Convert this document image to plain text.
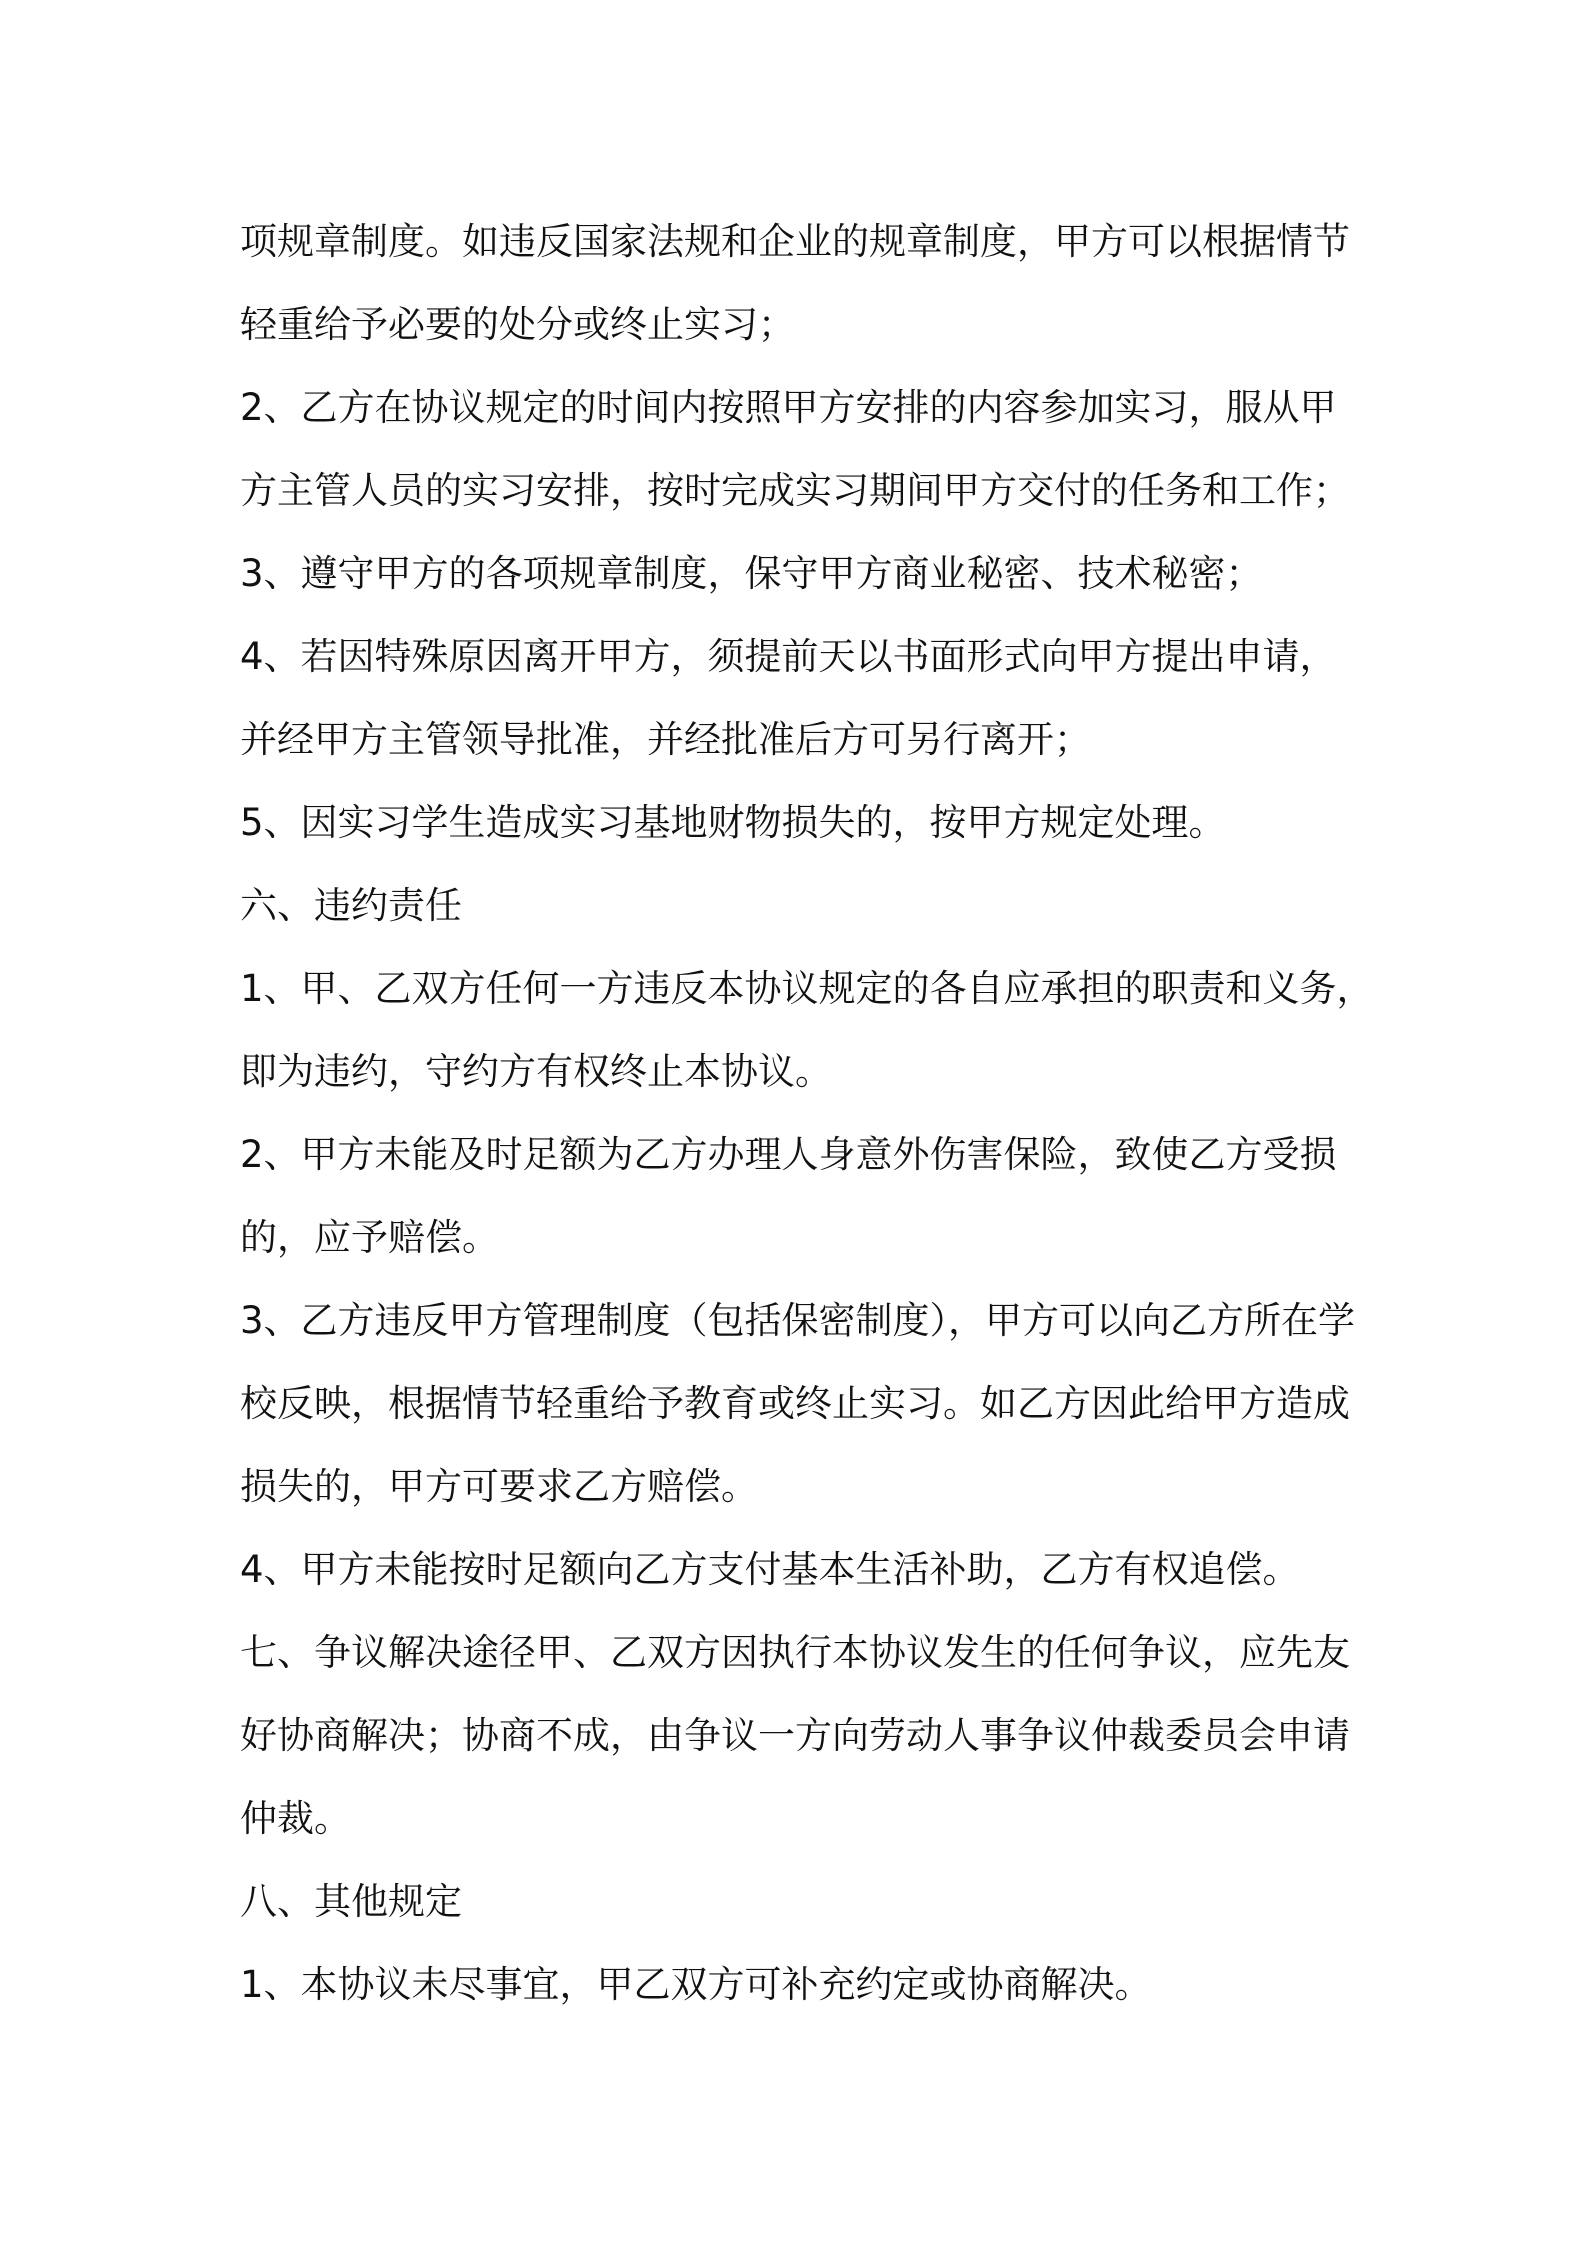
项规章制度。如违反国家法规和企业的规章制度，甲方可以根据情节
轻重给予必要的处分或终止实习；
2、乙方在协议规定的时间内按照甲方安排的内容参加实习，服从甲
方主管人员的实习安排，按时完成实习期间甲方交付的任务和工作；
3、遵守甲方的各项规章制度，保守甲方商业秘密、技术秘密；
4、若因特殊原因离开甲方，须提前天以书面形式向甲方提出申请，
并经甲方主管领导批准，并经批准后方可另行离开；
5、因实习学生造成实习基地财物损失的，按甲方规定处理。
六、违约责任
1、甲、乙双方任何一方违反本协议规定的各自应承担的职责和义务，
即为违约，守约方有权终止本协议。
2、甲方未能及时足额为乙方办理人身意外伤害保险，致使乙方受损
的，应予赔偿。
3、乙方违反甲方管理制度（包括保密制度），甲方可以向乙方所在学
校反映，根据情节轻重给予教育或终止实习。如乙方因此给甲方造成
损失的，甲方可要求乙方赔偿。
4、甲方未能按时足额向乙方支付基本生活补助，乙方有权追偿。
七、争议解决途径甲、乙双方因执行本协议发生的任何争议，应先友
好协商解决；协商不成，由争议一方向劳动人事争议仲裁委员会申请
仲裁。
八、其他规定
1、本协议未尽事宜，甲乙双方可补充约定或协商解决。
